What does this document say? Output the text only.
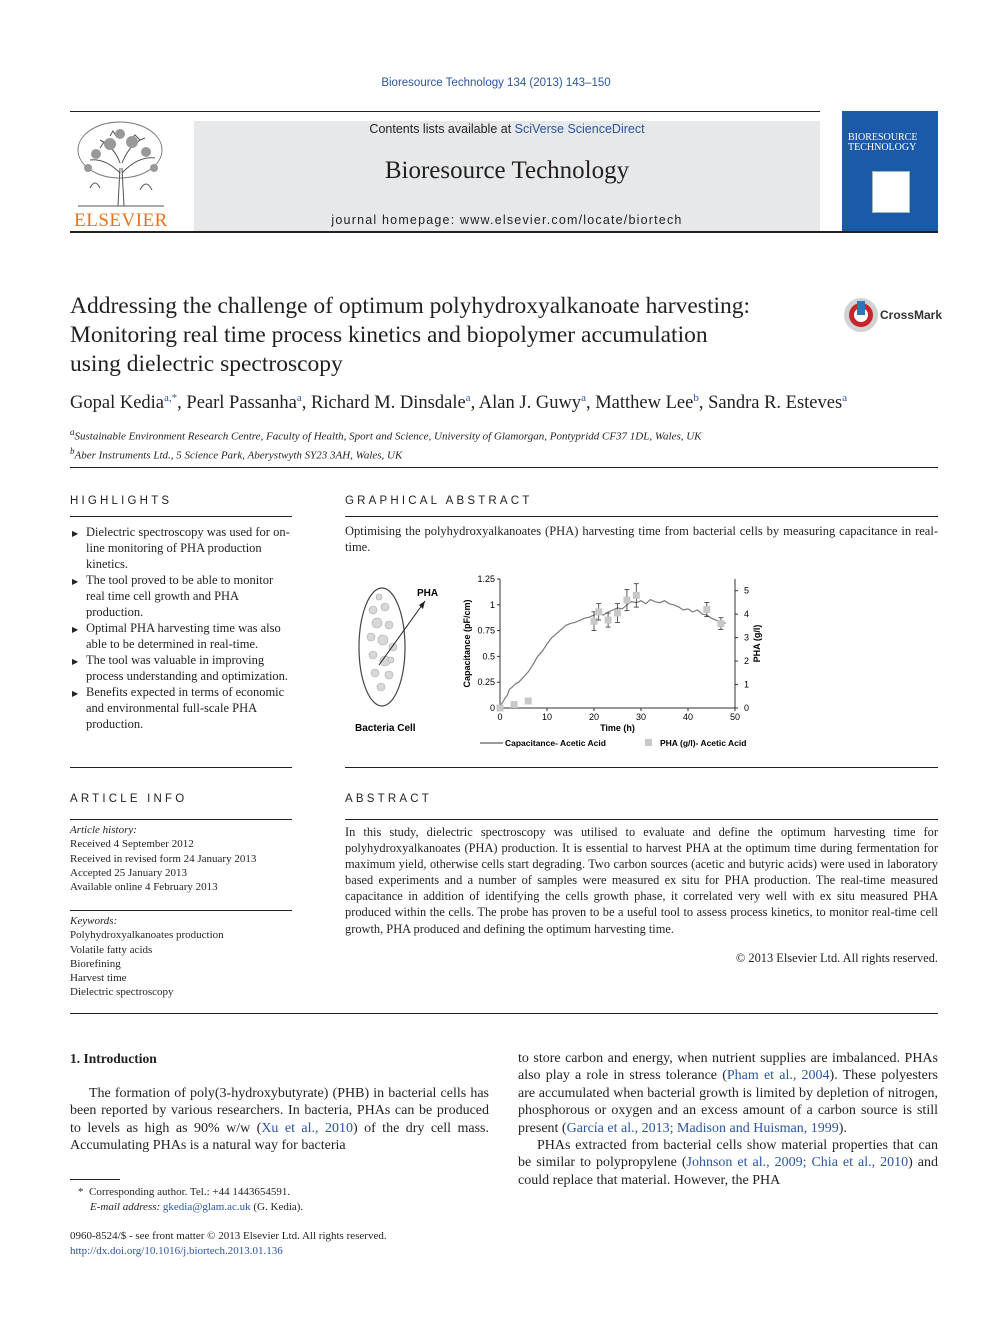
Bioresource Technology 134 (2013) 143–150
ELSEVIER
Contents lists available at SciVerse ScienceDirect
Bioresource Technology
journal homepage: www.elsevier.com/locate/biortech
BIORESOURCE TECHNOLOGY
Addressing the challenge of optimum polyhydroxyalkanoate harvesting:
Monitoring real time process kinetics and biopolymer accumulation
using dielectric spectroscopy
CrossMark
Gopal Kedia$^{a,*}$, Pearl Passanha$^a$, Richard M. Dinsdale$^a$, Alan J. Guwy$^a$, Matthew Lee$^b$, Sandra R. Esteves$^a$
$^a$Sustainable Environment Research Centre, Faculty of Health, Sport and Science, University of Glamorgan, Pontypridd CF37 1DL, Wales, UK
$^b$Aber Instruments Ltd., 5 Science Park, Aberystwyth SY23 3AH, Wales, UK
HIGHLIGHTS
▶ Dielectric spectroscopy was used for on-line monitoring of PHA production kinetics.
▶ The tool proved to be able to monitor real time cell growth and PHA production.
▶ Optimal PHA harvesting time was also able to be determined in real-time.
▶ The tool was valuable in improving process understanding and optimization.
▶ Benefits expected in terms of economic and environmental full-scale PHA production.
GRAPHICAL ABSTRACT
Optimising the polyhydroxyalkanoates (PHA) harvesting time from bacterial cells by measuring capacitance in real-time.
PHA
Bacteria Cell
0	10	20	30	40	50
0
0.25
0.5
0.75
1
1.25
0
1
2
3
4
5
Time (h)
Capacitance (pF/cm)	PHA (g/l)
Capacitance- Acetic Acid	PHA (g/l)- Acetic Acid
ARTICLE INFO
Article history:
Received 4 September 2012
Received in revised form 24 January 2013
Accepted 25 January 2013
Available online 4 February 2013
Keywords:
Polyhydroxyalkanoates production
Volatile fatty acids
Biorefining
Harvest time
Dielectric spectroscopy
ABSTRACT
In this study, dielectric spectroscopy was utilised to evaluate and define the optimum harvesting time for polyhydroxyalkanoates (PHA) production. It is essential to harvest PHA at the optimum time during fermentation for maximum yield, otherwise cells start degrading. Two carbon sources (acetic and butyric acids) were used in laboratory based experiments and a number of samples were measured ex situ for PHA production. The real-time measured capacitance in addition of identifying the cells growth phase, it correlated very well with ex situ measured PHA produced within the cells. The probe has proven to be a useful tool to assess process kinetics, to monitor real-time cell growth, PHA produced and defining the optimum harvesting time.
© 2013 Elsevier Ltd. All rights reserved.
1. Introduction
The formation of poly(3-hydroxybutyrate) (PHB) in bacterial cells has been reported by various researchers. In bacteria, PHAs can be produced to levels as high as 90% w/w (Xu et al., 2010) of the dry cell mass. Accumulating PHAs is a natural way for bacteria
to store carbon and energy, when nutrient supplies are imbalanced. PHAs also play a role in stress tolerance (Pham et al., 2004). These polyesters are accumulated when bacterial growth is limited by depletion of nitrogen, phosphorous or oxygen and an excess amount of a carbon source is still present (García et al., 2013; Madison and Huisman, 1999).
PHAs extracted from bacterial cells show material properties that can be similar to polypropylene (Johnson et al., 2009; Chia et al., 2010) and could replace that material. However, the PHA
* Corresponding author. Tel.: +44 1443654591.
E-mail address: gkedia@glam.ac.uk (G. Kedia).
0960-8524/$ - see front matter © 2013 Elsevier Ltd. All rights reserved.
http://dx.doi.org/10.1016/j.biortech.2013.01.136
